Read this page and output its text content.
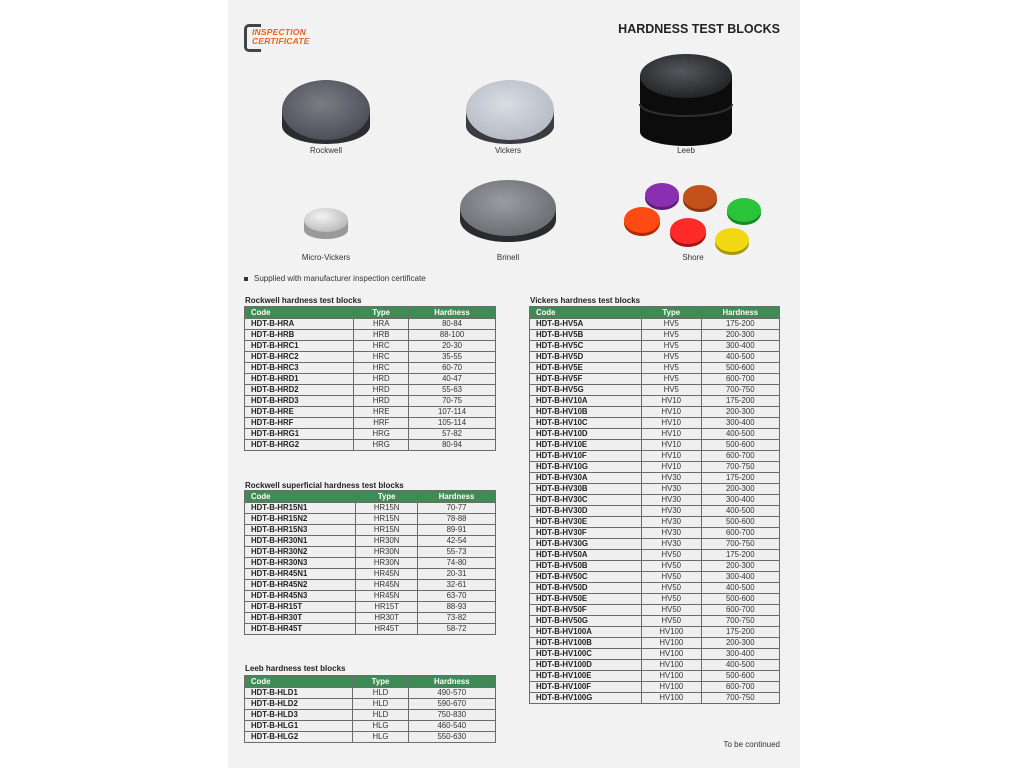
INSPECTION
CERTIFICATE
HARDNESS TEST BLOCKS
Rockwell	Vickers	Leeb
Micro-Vickers	Brinell	Shore
Supplied with manufacturer inspection certificate
Rockwell hardness test blocks
Rockwell superficial hardness test blocks
Leeb hardness test blocks
Vickers hardness test blocks
Code	Type	Hardness
HDT-B-HRA	HRA	80-84
HDT-B-HRB	HRB	88-100
HDT-B-HRC1	HRC	20-30
HDT-B-HRC2	HRC	35-55
HDT-B-HRC3	HRC	60-70
HDT-B-HRD1	HRD	40-47
HDT-B-HRD2	HRD	55-63
HDT-B-HRD3	HRD	70-75
HDT-B-HRE	HRE	107-114
HDT-B-HRF	HRF	105-114
HDT-B-HRG1	HRG	57-82
HDT-B-HRG2	HRG	80-94
Code	Type	Hardness
HDT-B-HR15N1	HR15N	70-77
HDT-B-HR15N2	HR15N	78-88
HDT-B-HR15N3	HR15N	89-91
HDT-B-HR30N1	HR30N	42-54
HDT-B-HR30N2	HR30N	55-73
HDT-B-HR30N3	HR30N	74-80
HDT-B-HR45N1	HR45N	20-31
HDT-B-HR45N2	HR45N	32-61
HDT-B-HR45N3	HR45N	63-70
HDT-B-HR15T	HR15T	88-93
HDT-B-HR30T	HR30T	73-82
HDT-B-HR45T	HR45T	58-72
Code	Type	Hardness
HDT-B-HLD1	HLD	490-570
HDT-B-HLD2	HLD	590-670
HDT-B-HLD3	HLD	750-830
HDT-B-HLG1	HLG	460-540
HDT-B-HLG2	HLG	550-630
Code	Type	Hardness
HDT-B-HV5A	HV5	175-200
HDT-B-HV5B	HV5	200-300
HDT-B-HV5C	HV5	300-400
HDT-B-HV5D	HV5	400-500
HDT-B-HV5E	HV5	500-600
HDT-B-HV5F	HV5	600-700
HDT-B-HV5G	HV5	700-750
HDT-B-HV10A	HV10	175-200
HDT-B-HV10B	HV10	200-300
HDT-B-HV10C	HV10	300-400
HDT-B-HV10D	HV10	400-500
HDT-B-HV10E	HV10	500-600
HDT-B-HV10F	HV10	600-700
HDT-B-HV10G	HV10	700-750
HDT-B-HV30A	HV30	175-200
HDT-B-HV30B	HV30	200-300
HDT-B-HV30C	HV30	300-400
HDT-B-HV30D	HV30	400-500
HDT-B-HV30E	HV30	500-600
HDT-B-HV30F	HV30	600-700
HDT-B-HV30G	HV30	700-750
HDT-B-HV50A	HV50	175-200
HDT-B-HV50B	HV50	200-300
HDT-B-HV50C	HV50	300-400
HDT-B-HV50D	HV50	400-500
HDT-B-HV50E	HV50	500-600
HDT-B-HV50F	HV50	600-700
HDT-B-HV50G	HV50	700-750
HDT-B-HV100A	HV100	175-200
HDT-B-HV100B	HV100	200-300
HDT-B-HV100C	HV100	300-400
HDT-B-HV100D	HV100	400-500
HDT-B-HV100E	HV100	500-600
HDT-B-HV100F	HV100	600-700
HDT-B-HV100G	HV100	700-750
To be continued
